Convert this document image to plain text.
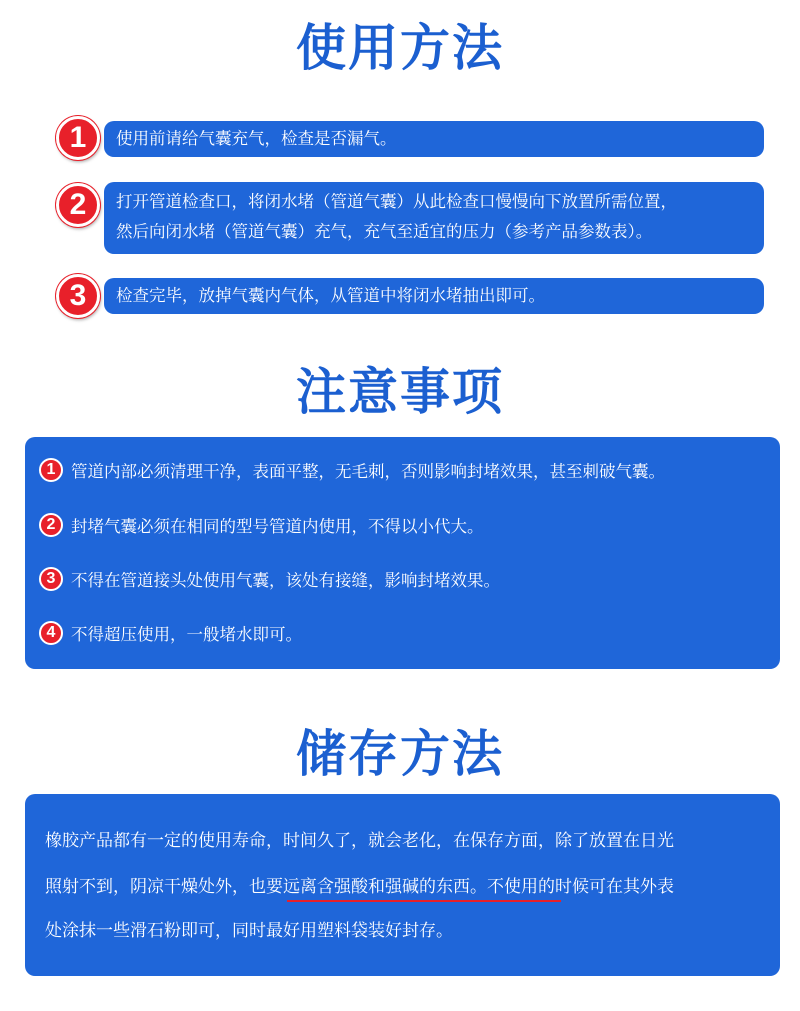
使用方法
使用前请给气囊充气，检查是否漏气。
1
打开管道检查口，将闭水堵（管道气囊）从此检查口慢慢向下放置所需位置，
然后向闭水堵（管道气囊）充气，充气至适宜的压力（参考产品参数表）。
2
检查完毕，放掉气囊内气体，从管道中将闭水堵抽出即可。
3
注意事项
1 管道内部必须清理干净，表面平整，无毛刺，否则影响封堵效果，甚至刺破气囊。
2 封堵气囊必须在相同的型号管道内使用，不得以小代大。
3 不得在管道接头处使用气囊，该处有接缝，影响封堵效果。
4 不得超压使用，一般堵水即可。
储存方法
橡胶产品都有一定的使用寿命，时间久了，就会老化，在保存方面，除了放置在日光
照射不到，阴凉干燥处外，也要远离含强酸和强碱的东西。不使用的时候可在其外表
处涂抹一些滑石粉即可，同时最好用塑料袋装好封存。
